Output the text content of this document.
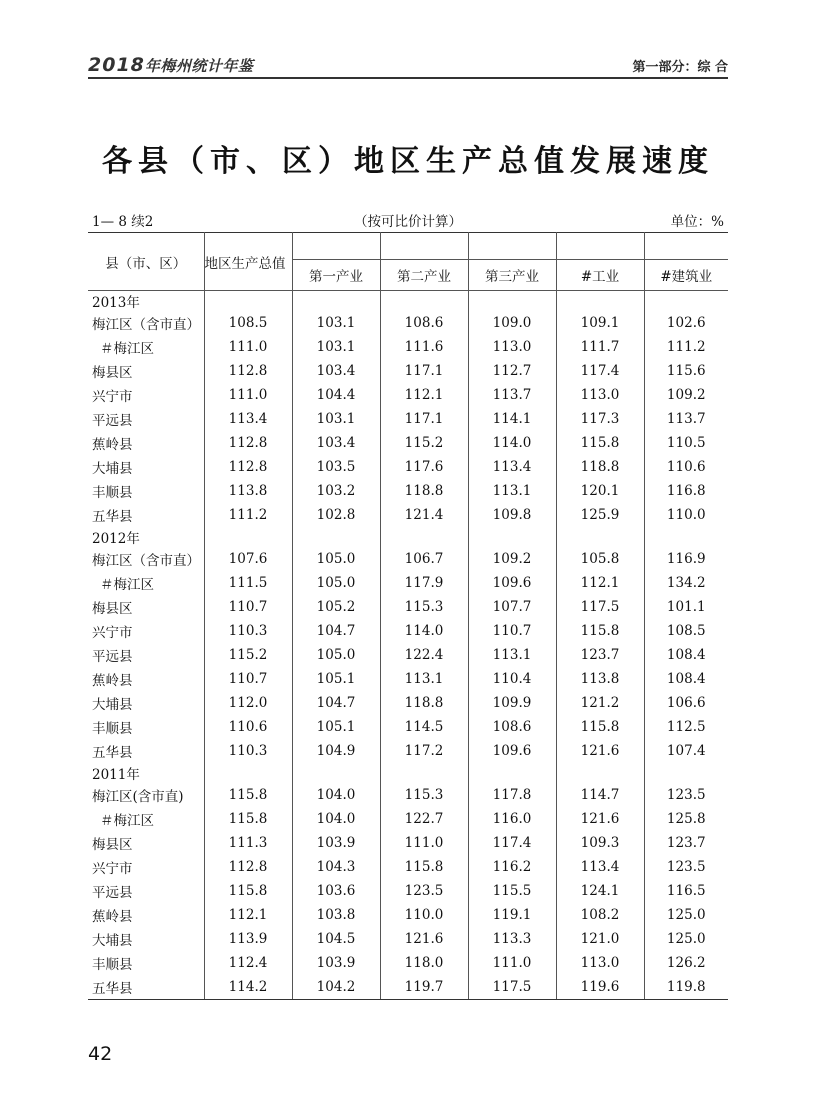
2018年梅州统计年鉴	第一部分：综 合
各县（市、区）地区生产总值发展速度
1— 8 续2	（按可比价计算）	单位：%
县（市、区）	地区生产总值					
		第一产业	第二产业	第三产业	#工业	#建筑业
2013年						
梅江区（含市直）	108.5	103.1	108.6	109.0	109.1	102.6
＃梅江区	111.0	103.1	111.6	113.0	111.7	111.2
梅县区	112.8	103.4	117.1	112.7	117.4	115.6
兴宁市	111.0	104.4	112.1	113.7	113.0	109.2
平远县	113.4	103.1	117.1	114.1	117.3	113.7
蕉岭县	112.8	103.4	115.2	114.0	115.8	110.5
大埔县	112.8	103.5	117.6	113.4	118.8	110.6
丰顺县	113.8	103.2	118.8	113.1	120.1	116.8
五华县	111.2	102.8	121.4	109.8	125.9	110.0
2012年						
梅江区（含市直）	107.6	105.0	106.7	109.2	105.8	116.9
＃梅江区	111.5	105.0	117.9	109.6	112.1	134.2
梅县区	110.7	105.2	115.3	107.7	117.5	101.1
兴宁市	110.3	104.7	114.0	110.7	115.8	108.5
平远县	115.2	105.0	122.4	113.1	123.7	108.4
蕉岭县	110.7	105.1	113.1	110.4	113.8	108.4
大埔县	112.0	104.7	118.8	109.9	121.2	106.6
丰顺县	110.6	105.1	114.5	108.6	115.8	112.5
五华县	110.3	104.9	117.2	109.6	121.6	107.4
2011年						
梅江区(含市直)	115.8	104.0	115.3	117.8	114.7	123.5
＃梅江区	115.8	104.0	122.7	116.0	121.6	125.8
梅县区	111.3	103.9	111.0	117.4	109.3	123.7
兴宁市	112.8	104.3	115.8	116.2	113.4	123.5
平远县	115.8	103.6	123.5	115.5	124.1	116.5
蕉岭县	112.1	103.8	110.0	119.1	108.2	125.0
大埔县	113.9	104.5	121.6	113.3	121.0	125.0
丰顺县	112.4	103.9	118.0	111.0	113.0	126.2
五华县	114.2	104.2	119.7	117.5	119.6	119.8
42
